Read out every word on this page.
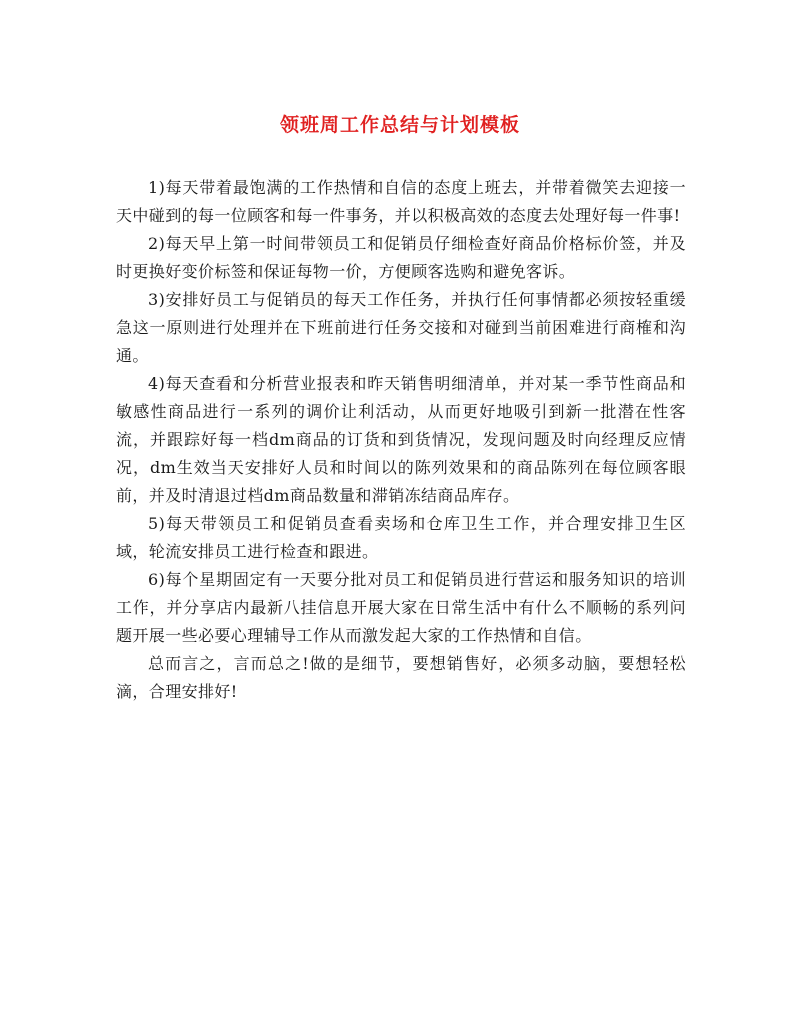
领班周工作总结与计划模板

1)每天带着最饱满的工作热情和自信的态度上班去，并带着微笑去迎接一天中碰到的每一位顾客和每一件事务，并以积极高效的态度去处理好每一件事!

2)每天早上第一时间带领员工和促销员仔细检查好商品价格标价签，并及时更换好变价标签和保证每物一价，方便顾客选购和避免客诉。

3)安排好员工与促销员的每天工作任务，并执行任何事情都必须按轻重缓急这一原则进行处理并在下班前进行任务交接和对碰到当前困难进行商榷和沟通。

4)每天查看和分析营业报表和昨天销售明细清单，并对某一季节性商品和敏感性商品进行一系列的调价让利活动，从而更好地吸引到新一批潜在性客流，并跟踪好每一档dm商品的订货和到货情况，发现问题及时向经理反应情况，dm生效当天安排好人员和时间以的陈列效果和的商品陈列在每位顾客眼前，并及时清退过档dm商品数量和滞销冻结商品库存。

5)每天带领员工和促销员查看卖场和仓库卫生工作，并合理安排卫生区域，轮流安排员工进行检查和跟进。

6)每个星期固定有一天要分批对员工和促销员进行营运和服务知识的培训工作，并分享店内最新八挂信息开展大家在日常生活中有什么不顺畅的系列问题开展一些必要心理辅导工作从而激发起大家的工作热情和自信。

总而言之，言而总之!做的是细节，要想销售好，必须多动脑，要想轻松滴，合理安排好!
